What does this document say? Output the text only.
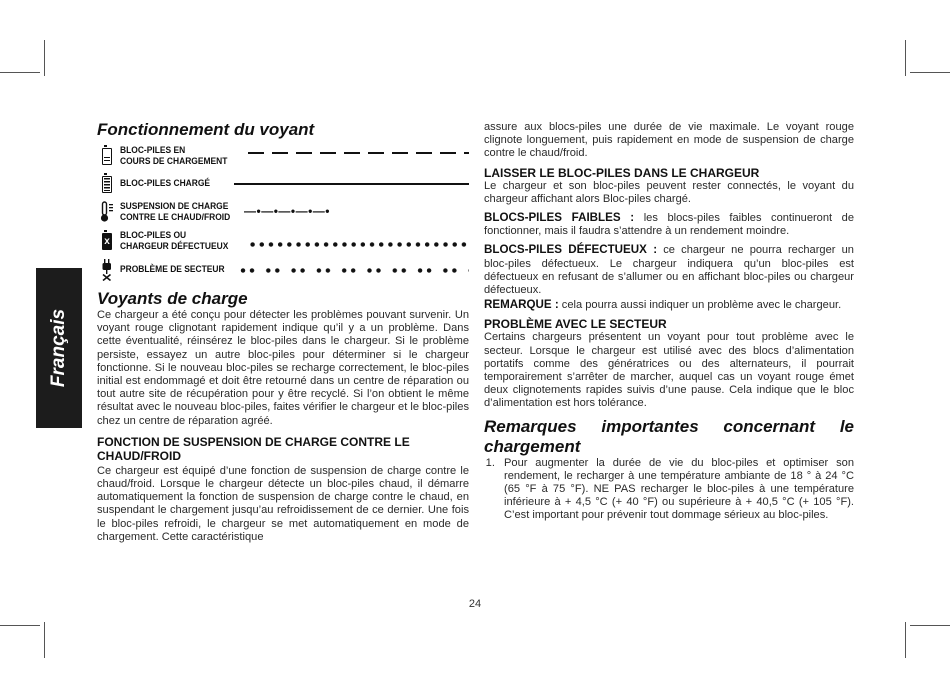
Français
Fonctionnement du voyant
BLOC-PILES EN
COURS DE CHARGEMENT
BLOC-PILES CHARGÉ
SUSPENSION DE CHARGE
CONTRE LE CHAUD/FROID —•—•—•—•—•
x
BLOC-PILES OU
CHARGEUR DÉFECTUEUX
PROBLÈME DE SECTEUR
Voyants de charge

Ce chargeur a été conçu pour détecter les problèmes pouvant survenir. Un voyant rouge clignotant rapidement indique qu’il y a un problème. Dans cette éventualité, réinsérez le bloc-piles dans le chargeur. Si le problème persiste, essayez un autre bloc-piles pour déterminer si le chargeur fonctionne. Si le nouveau bloc-piles se recharge correctement, le bloc-piles initial est endommagé et doit être retourné dans un centre de réparation ou tout autre site de récupération pour y être recyclé. Si l’on obtient le même résultat avec le nouveau bloc-piles, faites vérifier le chargeur et le bloc-piles chez un centre de réparation agréé.

FONCTION DE SUSPENSION DE CHARGE CONTRE LE CHAUD/FROID

Ce chargeur est équipé d’une fonction de suspension de charge contre le chaud/froid. Lorsque le chargeur détecte un bloc-piles chaud, il démarre automatiquement la fonction de suspension de charge contre le chaud, en suspendant le chargement jusqu’au refroidissement de ce dernier. Une fois le bloc-piles refroidi, le chargeur se met automatiquement en mode de chargement. Cette caractéristique

assure aux blocs-piles une durée de vie maximale. Le voyant rouge clignote longuement, puis rapidement en mode de suspension de charge contre le chaud/froid.

LAISSER LE BLOC-PILES DANS LE CHARGEUR

Le chargeur et son bloc-piles peuvent rester connectés, le voyant du chargeur affichant alors Bloc-piles chargé.

BLOCS-PILES FAIBLES : les blocs-piles faibles continueront de fonctionner, mais il faudra s’attendre à un rendement moindre.

BLOCS-PILES DÉFECTUEUX : ce chargeur ne pourra recharger un bloc-piles défectueux. Le chargeur indiquera qu’un bloc-piles est défectueux en refusant de s’allumer ou en affichant bloc-piles ou chargeur défectueux.

REMARQUE : cela pourra aussi indiquer un problème avec le chargeur.

PROBLÈME AVEC LE SECTEUR

Certains chargeurs présentent un voyant pour tout problème avec le secteur. Lorsque le chargeur est utilisé avec des blocs d’alimentation portatifs comme des génératrices ou des alternateurs, il pourrait temporairement s’arrêter de marcher, auquel cas un voyant rouge émet deux clignotements rapides suivis d’une pause. Cela indique que le bloc d’alimentation est hors tolérance.

Remarques importantes concernant le chargement
1. Pour augmenter la durée de vie du bloc-piles et optimiser son rendement, le recharger à une température ambiante de 18 ° à 24 °C (65 °F à 75 °F). NE PAS recharger le bloc-piles à une température inférieure à + 4,5 °C (+ 40 °F) ou supérieure à + 40,5 °C (+ 105 °F). C’est important pour prévenir tout dommage sérieux au bloc-piles.
24
